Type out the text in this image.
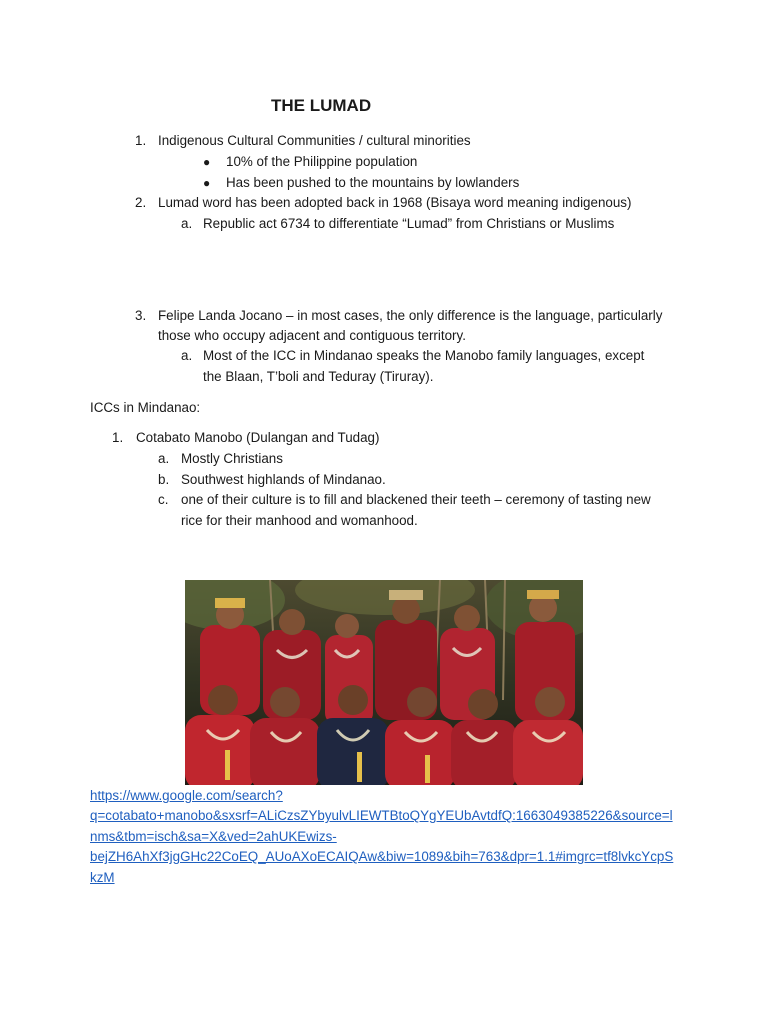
THE LUMAD
1. Indigenous Cultural Communities / cultural minorities
● 10% of the Philippine population
● Has been pushed to the mountains by lowlanders
2. Lumad word has been adopted back in 1968 (Bisaya word meaning indigenous)
a. Republic act 6734 to differentiate “Lumad” from Christians or Muslims
3. Felipe Landa Jocano – in most cases, the only difference is the language, particularly
those who occupy adjacent and contiguous territory.
a. Most of the ICC in Mindanao speaks the Manobo family languages, except
the Blaan, T’boli and Teduray (Tiruray).
ICCs in Mindanao:
1. Cotabato Manobo (Dulangan and Tudag)
a. Mostly Christians
b. Southwest highlands of Mindanao.
c. one of their culture is to fill and blackened their teeth – ceremony of tasting new
rice for their manhood and womanhood.
https://www.google.com/search?
q=cotabato+manobo&sxsrf=ALiCzsZYbyulvLIEWTBtoQYgYEUbAvtdfQ:1663049385226&source=l
nms&tbm=isch&sa=X&ved=2ahUKEwizs-
bejZH6AhXf3jgGHc22CoEQ_AUoAXoECAIQAw&biw=1089&bih=763&dpr=1.1#imgrc=tf8lvkcYcpS
kzM
